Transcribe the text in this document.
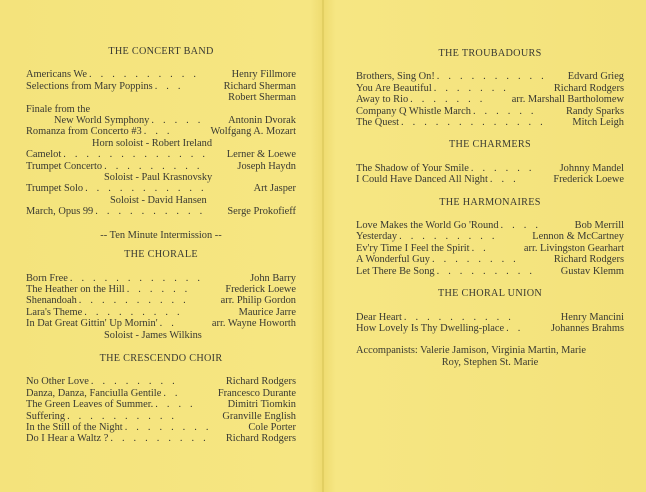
THE CONCERT BAND

Americans We . . . . . . . . . .	Henry Fillmore
Selections from Mary Poppins . . .	Richard Sherman
Robert Sherman
Finale from the
New World Symphony . . . . .	Antonin Dvorak
Romanza from Concerto #3 . . .	Wolfgang A. Mozart
Horn soloist - Robert Ireland
Camelot . . . . . . . . . . . . .	Lerner & Loewe
Trumpet Concerto . . . . . . . . .	Joseph Haydn
Soloist - Paul Krasnovsky
Trumpet Solo . . . . . . . . . . .	Art Jasper
Soloist - David Hansen
March, Opus 99 . . . . . . . . . .	Serge Prokofieff
-- Ten Minute Intermission --

THE CHORALE

Born Free . . . . . . . . . . . .	John Barry
The Heather on the Hill . . . . . .	Frederick Loewe
Shenandoah . . . . . . . . . .	arr. Philip Gordon
Lara's Theme . . . . . . . . .	Maurice Jarre
In Dat Great Gittin' Up Mornin' . .	arr. Wayne Howorth
Soloist - James Wilkins

THE CRESCENDO CHOIR

No Other Love . . . . . . . .	Richard Rodgers
Danza, Danza, Fanciulla Gentile . .	Francesco Durante
The Green Leaves of Summer. . . . .	Dimitri Tiomkin
Suffering . . . . . . . . . .	Granville English
In the Still of the Night . . . . . . . .	Cole Porter
Do I Hear a Waltz ? . . . . . . . . .	Richard Rodgers

THE TROUBADOURS

Brothers, Sing On! . . . . . . . . . .	Edvard Grieg
You Are Beautiful . . . . . . .	Richard Rodgers
Away to Rio . . . . . . .	arr. Marshall Bartholomew
Company Q Whistle March . . . . . .	Randy Sparks
The Quest . . . . . . . . . . . . .	Mitch Leigh

THE CHARMERS

The Shadow of Your Smile . . . . . .	Johnny Mandel
I Could Have Danced All Night . . .	Frederick Loewe

THE HARMONAIRES

Love Makes the World Go 'Round . . . .	Bob Merrill
Yesterday . . . . . . . . .	Lennon & McCartney
Ev'ry Time I Feel the Spirit . .	arr. Livingston Gearhart
A Wonderful Guy . . . . . . . .	Richard Rodgers
Let There Be Song . . . . . . . . .	Gustav Klemm

THE CHORAL UNION

Dear Heart . . . . . . . . . .	Henry Mancini
How Lovely Is Thy Dwelling-place . .	Johannes Brahms
Accompanists: Valerie Jamison, Virginia Martin, Marie
Roy, Stephen St. Marie
